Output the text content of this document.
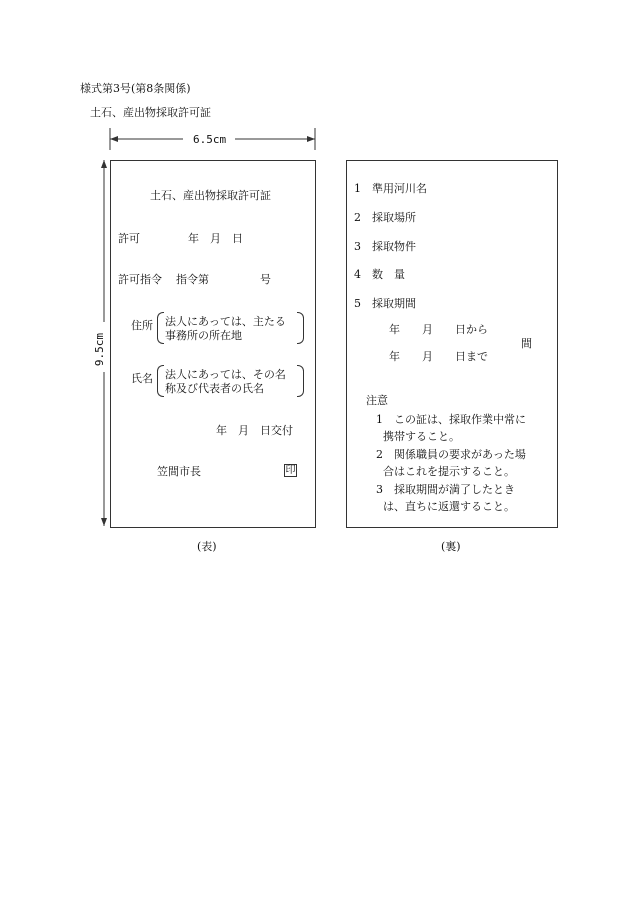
様式第3号(第8条関係)
土石、産出物採取許可証
6.5cm
9.5cm
土石、産出物採取許可証
許可	年　月　日
許可指令 指令第	号
住所 法人にあっては、主たる
事務所の所在地
氏名 法人にあっては、その名
称及び代表者の氏名
年　月　日交付
笠間市長	印
(表)
1　準用河川名
2　採取場所
3　採取物件
4　数　量
5　採取期間
年　　月　　日から
年　　月　　日まで
間
注意
1　この証は、採取作業中常に
携帯すること。
2　関係職員の要求があった場
合はこれを提示すること。
3　採取期間が満了したとき
は、直ちに返還すること。
(裏)
